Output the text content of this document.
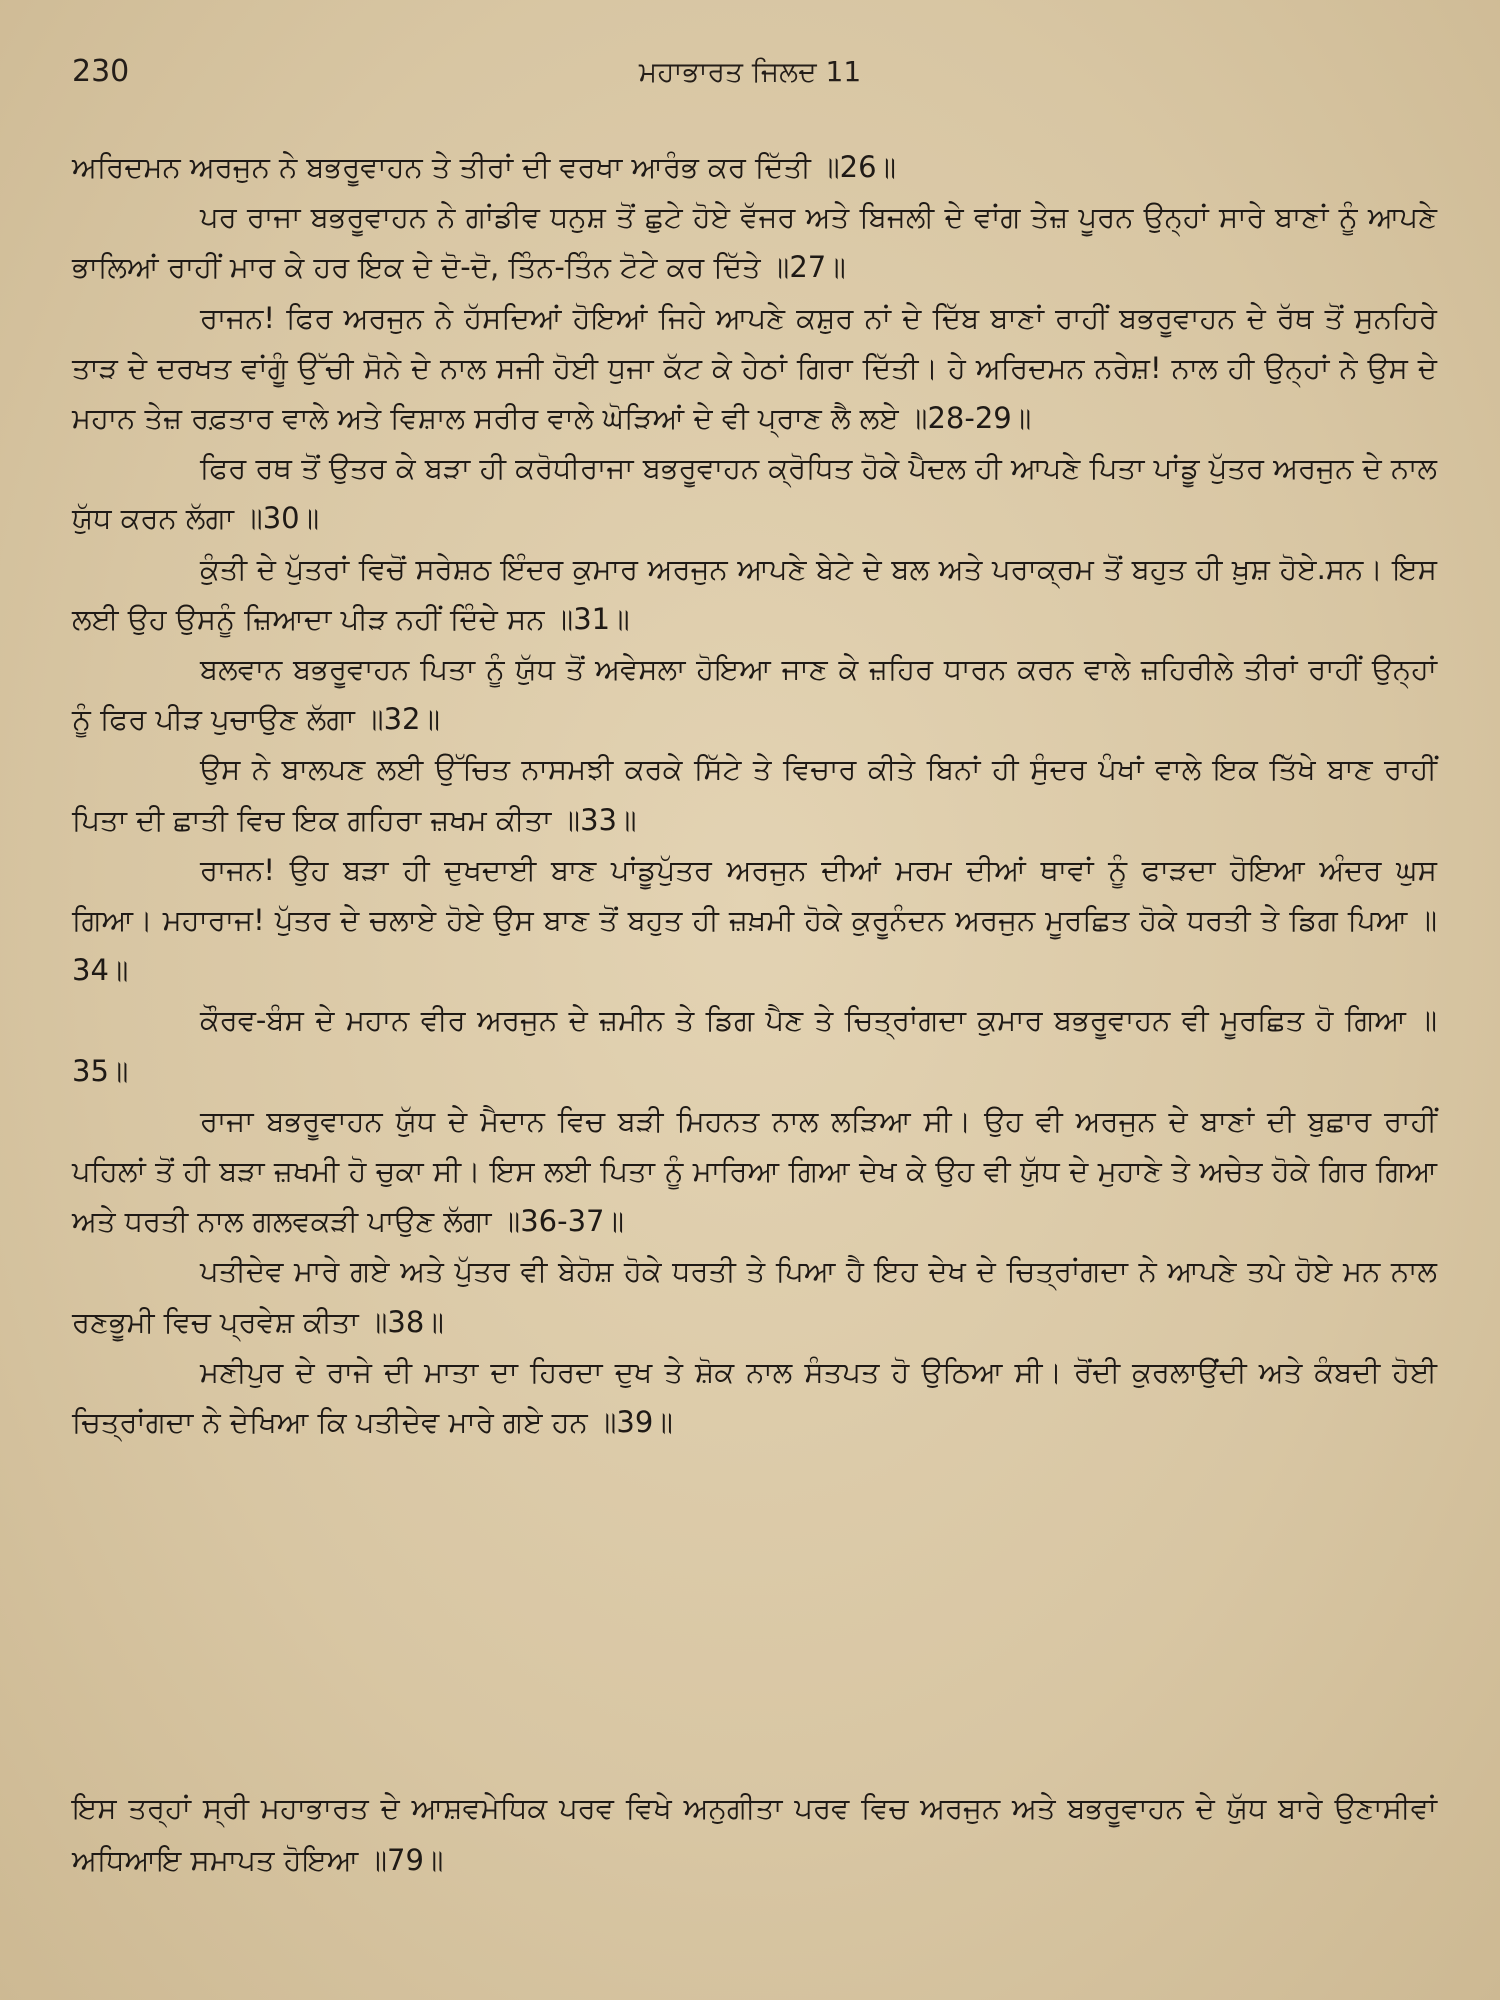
230	ਮਹਾਭਾਰਤ ਜਿਲਦ 11

ਅਰਿਦਮਨ ਅਰਜੁਨ ਨੇ ਬਭਰੂਵਾਹਨ ਤੇ ਤੀਰਾਂ ਦੀ ਵਰਖਾ ਆਰੰਭ ਕਰ ਦਿੱਤੀ ॥26॥

ਪਰ ਰਾਜਾ ਬਭਰੂਵਾਹਨ ਨੇ ਗਾਂਡੀਵ ਧਨੁਸ਼ ਤੋਂ ਛੁਟੇ ਹੋਏ ਵੱਜਰ ਅਤੇ ਬਿਜਲੀ ਦੇ ਵਾਂਗ ਤੇਜ਼ ਪੂਰਨ ਉਨ੍ਹਾਂ ਸਾਰੇ ਬਾਣਾਂ ਨੂੰ ਆਪਣੇ ਭਾਲਿਆਂ ਰਾਹੀਂ ਮਾਰ ਕੇ ਹਰ ਇਕ ਦੇ ਦੋ-ਦੋ, ਤਿੰਨ-ਤਿੰਨ ਟੋਟੇ ਕਰ ਦਿੱਤੇ ॥27॥

ਰਾਜਨ! ਫਿਰ ਅਰਜੁਨ ਨੇ ਹੱਸਦਿਆਂ ਹੋਇਆਂ ਜਿਹੇ ਆਪਣੇ ਕਸ਼ੁਰ ਨਾਂ ਦੇ ਦਿੱਬ ਬਾਣਾਂ ਰਾਹੀਂ ਬਭਰੂਵਾਹਨ ਦੇ ਰੱਥ ਤੋਂ ਸੁਨਹਿਰੇ ਤਾੜ ਦੇ ਦਰਖਤ ਵਾਂਗੂੰ ਉੱਚੀ ਸੋਨੇ ਦੇ ਨਾਲ ਸਜੀ ਹੋਈ ਧੁਜਾ ਕੱਟ ਕੇ ਹੇਠਾਂ ਗਿਰਾ ਦਿੱਤੀ। ਹੇ ਅਰਿਦਮਨ ਨਰੇਸ਼! ਨਾਲ ਹੀ ਉਨ੍ਹਾਂ ਨੇ ਉਸ ਦੇ ਮਹਾਨ ਤੇਜ਼ ਰਫ਼ਤਾਰ ਵਾਲੇ ਅਤੇ ਵਿਸ਼ਾਲ ਸਰੀਰ ਵਾਲੇ ਘੋੜਿਆਂ ਦੇ ਵੀ ਪ੍ਰਾਣ ਲੈ ਲਏ ॥28-29॥

ਫਿਰ ਰਥ ਤੋਂ ਉਤਰ ਕੇ ਬੜਾ ਹੀ ਕਰੋਧੀਰਾਜਾ ਬਭਰੂਵਾਹਨ ਕ੍ਰੋਧਿਤ ਹੋਕੇ ਪੈਦਲ ਹੀ ਆਪਣੇ ਪਿਤਾ ਪਾਂਡੂ ਪੁੱਤਰ ਅਰਜੁਨ ਦੇ ਨਾਲ ਯੁੱਧ ਕਰਨ ਲੱਗਾ ॥30॥

ਕੁੰਤੀ ਦੇ ਪੁੱਤਰਾਂ ਵਿਚੋਂ ਸਰੇਸ਼ਠ ਇੰਦਰ ਕੁਮਾਰ ਅਰਜੁਨ ਆਪਣੇ ਬੇਟੇ ਦੇ ਬਲ ਅਤੇ ਪਰਾਕ੍ਰਮ ਤੋਂ ਬਹੁਤ ਹੀ ਖ਼ੁਸ਼ ਹੋਏ.ਸਨ। ਇਸ ਲਈ ਉਹ ਉਸਨੂੰ ਜ਼ਿਆਦਾ ਪੀੜ ਨਹੀਂ ਦਿੰਦੇ ਸਨ ॥31॥

ਬਲਵਾਨ ਬਭਰੂਵਾਹਨ ਪਿਤਾ ਨੂੰ ਯੁੱਧ ਤੋਂ ਅਵੇਸਲਾ ਹੋਇਆ ਜਾਣ ਕੇ ਜ਼ਹਿਰ ਧਾਰਨ ਕਰਨ ਵਾਲੇ ਜ਼ਹਿਰੀਲੇ ਤੀਰਾਂ ਰਾਹੀਂ ਉਨ੍ਹਾਂ ਨੂੰ ਫਿਰ ਪੀੜ ਪੁਚਾਉਣ ਲੱਗਾ ॥32॥

ਉਸ ਨੇ ਬਾਲਪਣ ਲਈ ਉੱਚਿਤ ਨਾਸਮਝੀ ਕਰਕੇ ਸਿੱਟੇ ਤੇ ਵਿਚਾਰ ਕੀਤੇ ਬਿਨਾਂ ਹੀ ਸੁੰਦਰ ਪੰਖਾਂ ਵਾਲੇ ਇਕ ਤਿੱਖੇ ਬਾਣ ਰਾਹੀਂ ਪਿਤਾ ਦੀ ਛਾਤੀ ਵਿਚ ਇਕ ਗਹਿਰਾ ਜ਼ਖਮ ਕੀਤਾ ॥33॥

ਰਾਜਨ! ਉਹ ਬੜਾ ਹੀ ਦੁਖਦਾਈ ਬਾਣ ਪਾਂਡੂਪੁੱਤਰ ਅਰਜੁਨ ਦੀਆਂ ਮਰਮ ਦੀਆਂ ਥਾਵਾਂ ਨੂੰ ਫਾੜਦਾ ਹੋਇਆ ਅੰਦਰ ਘੁਸ ਗਿਆ। ਮਹਾਰਾਜ! ਪੁੱਤਰ ਦੇ ਚਲਾਏ ਹੋਏ ਉਸ ਬਾਣ ਤੋਂ ਬਹੁਤ ਹੀ ਜ਼ਖ਼ਮੀ ਹੋਕੇ ਕੁਰੂਨੰਦਨ ਅਰਜੁਨ ਮੂਰਛਿਤ ਹੋਕੇ ਧਰਤੀ ਤੇ ਡਿਗ ਪਿਆ ॥34॥

ਕੌਰਵ-ਬੰਸ ਦੇ ਮਹਾਨ ਵੀਰ ਅਰਜੁਨ ਦੇ ਜ਼ਮੀਨ ਤੇ ਡਿਗ ਪੈਣ ਤੇ ਚਿਤ੍ਰਾਂਗਦਾ ਕੁਮਾਰ ਬਭਰੂਵਾਹਨ ਵੀ ਮੂਰਛਿਤ ਹੋ ਗਿਆ ॥35॥

ਰਾਜਾ ਬਭਰੂਵਾਹਨ ਯੁੱਧ ਦੇ ਮੈਦਾਨ ਵਿਚ ਬੜੀ ਮਿਹਨਤ ਨਾਲ ਲੜਿਆ ਸੀ। ਉਹ ਵੀ ਅਰਜੁਨ ਦੇ ਬਾਣਾਂ ਦੀ ਬੁਛਾਰ ਰਾਹੀਂ ਪਹਿਲਾਂ ਤੋਂ ਹੀ ਬੜਾ ਜ਼ਖਮੀ ਹੋ ਚੁਕਾ ਸੀ। ਇਸ ਲਈ ਪਿਤਾ ਨੂੰ ਮਾਰਿਆ ਗਿਆ ਦੇਖ ਕੇ ਉਹ ਵੀ ਯੁੱਧ ਦੇ ਮੁਹਾਣੇ ਤੇ ਅਚੇਤ ਹੋਕੇ ਗਿਰ ਗਿਆ ਅਤੇ ਧਰਤੀ ਨਾਲ ਗਲਵਕੜੀ ਪਾਉਣ ਲੱਗਾ ॥36-37॥

ਪਤੀਦੇਵ ਮਾਰੇ ਗਏ ਅਤੇ ਪੁੱਤਰ ਵੀ ਬੇਹੋਸ਼ ਹੋਕੇ ਧਰਤੀ ਤੇ ਪਿਆ ਹੈ ਇਹ ਦੇਖ ਦੇ ਚਿਤ੍ਰਾਂਗਦਾ ਨੇ ਆਪਣੇ ਤਪੇ ਹੋਏ ਮਨ ਨਾਲ ਰਣਭੂਮੀ ਵਿਚ ਪ੍ਰਵੇਸ਼ ਕੀਤਾ ॥38॥

ਮਣੀਪੁਰ ਦੇ ਰਾਜੇ ਦੀ ਮਾਤਾ ਦਾ ਹਿਰਦਾ ਦੁਖ ਤੇ ਸ਼ੋਕ ਨਾਲ ਸੰਤਪਤ ਹੋ ਉਠਿਆ ਸੀ। ਰੋਂਦੀ ਕੁਰਲਾਉਂਦੀ ਅਤੇ ਕੰਬਦੀ ਹੋਈ ਚਿਤ੍ਰਾਂਗਦਾ ਨੇ ਦੇਖਿਆ ਕਿ ਪਤੀਦੇਵ ਮਾਰੇ ਗਏ ਹਨ ॥39॥

ਇਸ ਤਰ੍ਹਾਂ ਸ੍ਰੀ ਮਹਾਭਾਰਤ ਦੇ ਆਸ਼ਵਮੇਧਿਕ ਪਰਵ ਵਿਖੇ ਅਨੁਗੀਤਾ ਪਰਵ ਵਿਚ ਅਰਜੁਨ ਅਤੇ ਬਭਰੂਵਾਹਨ ਦੇ ਯੁੱਧ ਬਾਰੇ ਉਣਾਸੀਵਾਂ ਅਧਿਆਇ ਸਮਾਪਤ ਹੋਇਆ ॥79॥
